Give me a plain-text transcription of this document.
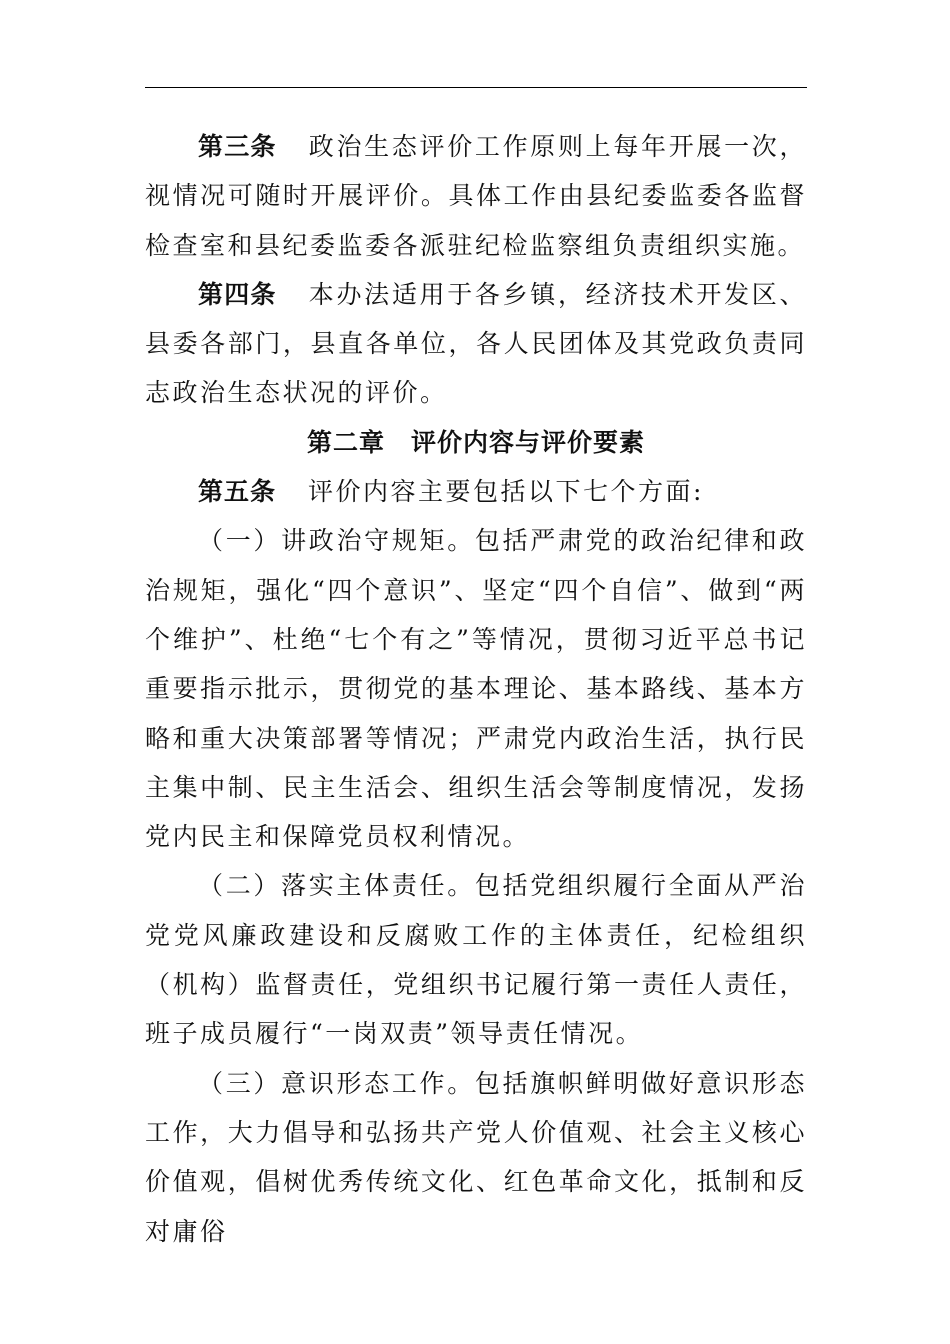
第三条 政治生态评价工作原则上每年开展一次，视情况可随时开展评价。具体工作由县纪委监委各监督检查室和县纪委监委各派驻纪检监察组负责组织实施。

第四条 本办法适用于各乡镇，经济技术开发区、县委各部门，县直各单位，各人民团体及其党政负责同志政治生态状况的评价。

第二章 评价内容与评价要素

第五条 评价内容主要包括以下七个方面:

（一）讲政治守规矩。包括严肃党的政治纪律和政治规矩，强化“四个意识”、坚定“四个自信”、做到“两个维护”、杜绝“七个有之”等情况，贯彻习近平总书记重要指示批示，贯彻党的基本理论、基本路线、基本方略和重大决策部署等情况；严肃党内政治生活，执行民主集中制、民主生活会、组织生活会等制度情况，发扬党内民主和保障党员权利情况。

（二）落实主体责任。包括党组织履行全面从严治党党风廉政建设和反腐败工作的主体责任，纪检组织（机构）监督责任，党组织书记履行第一责任人责任，班子成员履行“一岗双责”领导责任情况。

（三）意识形态工作。包括旗帜鲜明做好意识形态工作，大力倡导和弘扬共产党人价值观、社会主义核心价值观，倡树优秀传统文化、红色革命文化，抵制和反对庸俗
